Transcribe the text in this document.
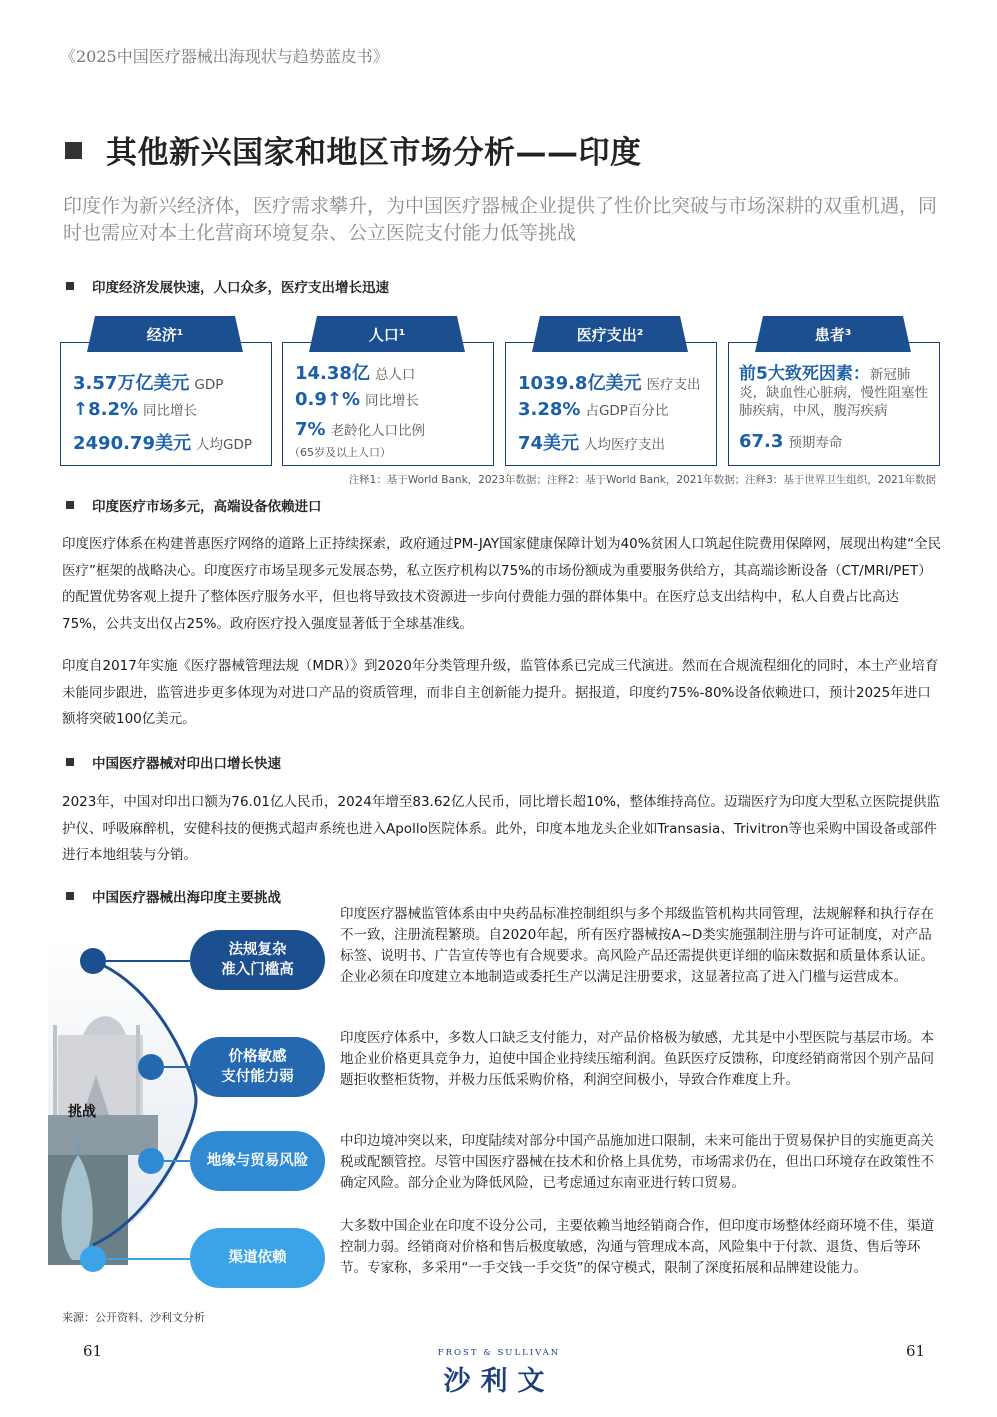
《2025中国医疗器械出海现状与趋势蓝皮书》
其他新兴国家和地区市场分析——印度
印度作为新兴经济体，医疗需求攀升，为中国医疗器械企业提供了性价比突破与市场深耕的双重机遇，同时也需应对本土化营商环境复杂、公立医院支付能力低等挑战
印度经济发展快速，人口众多，医疗支出增长迅速
3.57万亿美元 GDP
↑8.2% 同比增长
2490.79美元 人均GDP
经济¹
14.38亿 总人口
0.9↑% 同比增长
7% 老龄化人口比例
（65岁及以上人口）
人口¹
1039.8亿美元 医疗支出
3.28% 占GDP百分比
74美元 人均医疗支出
医疗支出²
前5大致死因素：新冠肺炎，缺血性心脏病，慢性阻塞性肺疾病，中风，腹泻疾病
67.3 预期寿命
患者³
注释1：基于World Bank，2023年数据；注释2：基于World Bank，2021年数据；注释3：基于世界卫生组织，2021年数据
印度医疗市场多元，高端设备依赖进口
印度医疗体系在构建普惠医疗网络的道路上正持续探索，政府通过PM-JAY国家健康保障计划为40%贫困人口筑起住院费用保障网，展现出构建“全民医疗”框架的战略决心。印度医疗市场呈现多元发展态势，私立医疗机构以75%的市场份额成为重要服务供给方，其高端诊断设备（CT/MRI/PET）的配置优势客观上提升了整体医疗服务水平，但也将导致技术资源进一步向付费能力强的群体集中。在医疗总支出结构中，私人自费占比高达75%，公共支出仅占25%。政府医疗投入强度显著低于全球基准线。
印度自2017年实施《医疗器械管理法规（MDR）》到2020年分类管理升级，监管体系已完成三代演进。然而在合规流程细化的同时，本土产业培育未能同步跟进，监管进步更多体现为对进口产品的资质管理，而非自主创新能力提升。据报道，印度约75%-80%设备依赖进口，预计2025年进口额将突破100亿美元。
中国医疗器械对印出口增长快速
2023年，中国对印出口额为76.01亿人民币，2024年增至83.62亿人民币，同比增长超10%，整体维持高位。迈瑞医疗为印度大型私立医院提供监护仪、呼吸麻醉机，安健科技的便携式超声系统也进入Apollo医院体系。此外，印度本地龙头企业如Transasia、Trivitron等也采购中国设备或部件进行本地组装与分销。
中国医疗器械出海印度主要挑战
挑战
法规复杂
准入门槛高
价格敏感
支付能力弱
地缘与贸易风险
渠道依赖
印度医疗器械监管体系由中央药品标准控制组织与多个邦级监管机构共同管理，法规解释和执行存在不一致，注册流程繁琐。自2020年起，所有医疗器械按A~D类实施强制注册与许可证制度，对产品标签、说明书、广告宣传等也有合规要求。高风险产品还需提供更详细的临床数据和质量体系认证。企业必须在印度建立本地制造或委托生产以满足注册要求，这显著拉高了进入门槛与运营成本。
印度医疗体系中，多数人口缺乏支付能力，对产品价格极为敏感，尤其是中小型医院与基层市场。本地企业价格更具竞争力，迫使中国企业持续压缩利润。鱼跃医疗反馈称，印度经销商常因个别产品问题拒收整柜货物，并极力压低采购价格，利润空间极小，导致合作难度上升。
中印边境冲突以来，印度陆续对部分中国产品施加进口限制，未来可能出于贸易保护目的实施更高关税或配额管控。尽管中国医疗器械在技术和价格上具优势，市场需求仍在，但出口环境存在政策性不确定风险。部分企业为降低风险，已考虑通过东南亚进行转口贸易。
大多数中国企业在印度不设分公司，主要依赖当地经销商合作，但印度市场整体经商环境不佳，渠道控制力弱。经销商对价格和售后极度敏感，沟通与管理成本高，风险集中于付款、退货、售后等环节。专家称，多采用“一手交钱一手交货”的保守模式，限制了深度拓展和品牌建设能力。
来源：公开资料、沙利文分析
61	61
FROST & SULLIVAN
沙利文
